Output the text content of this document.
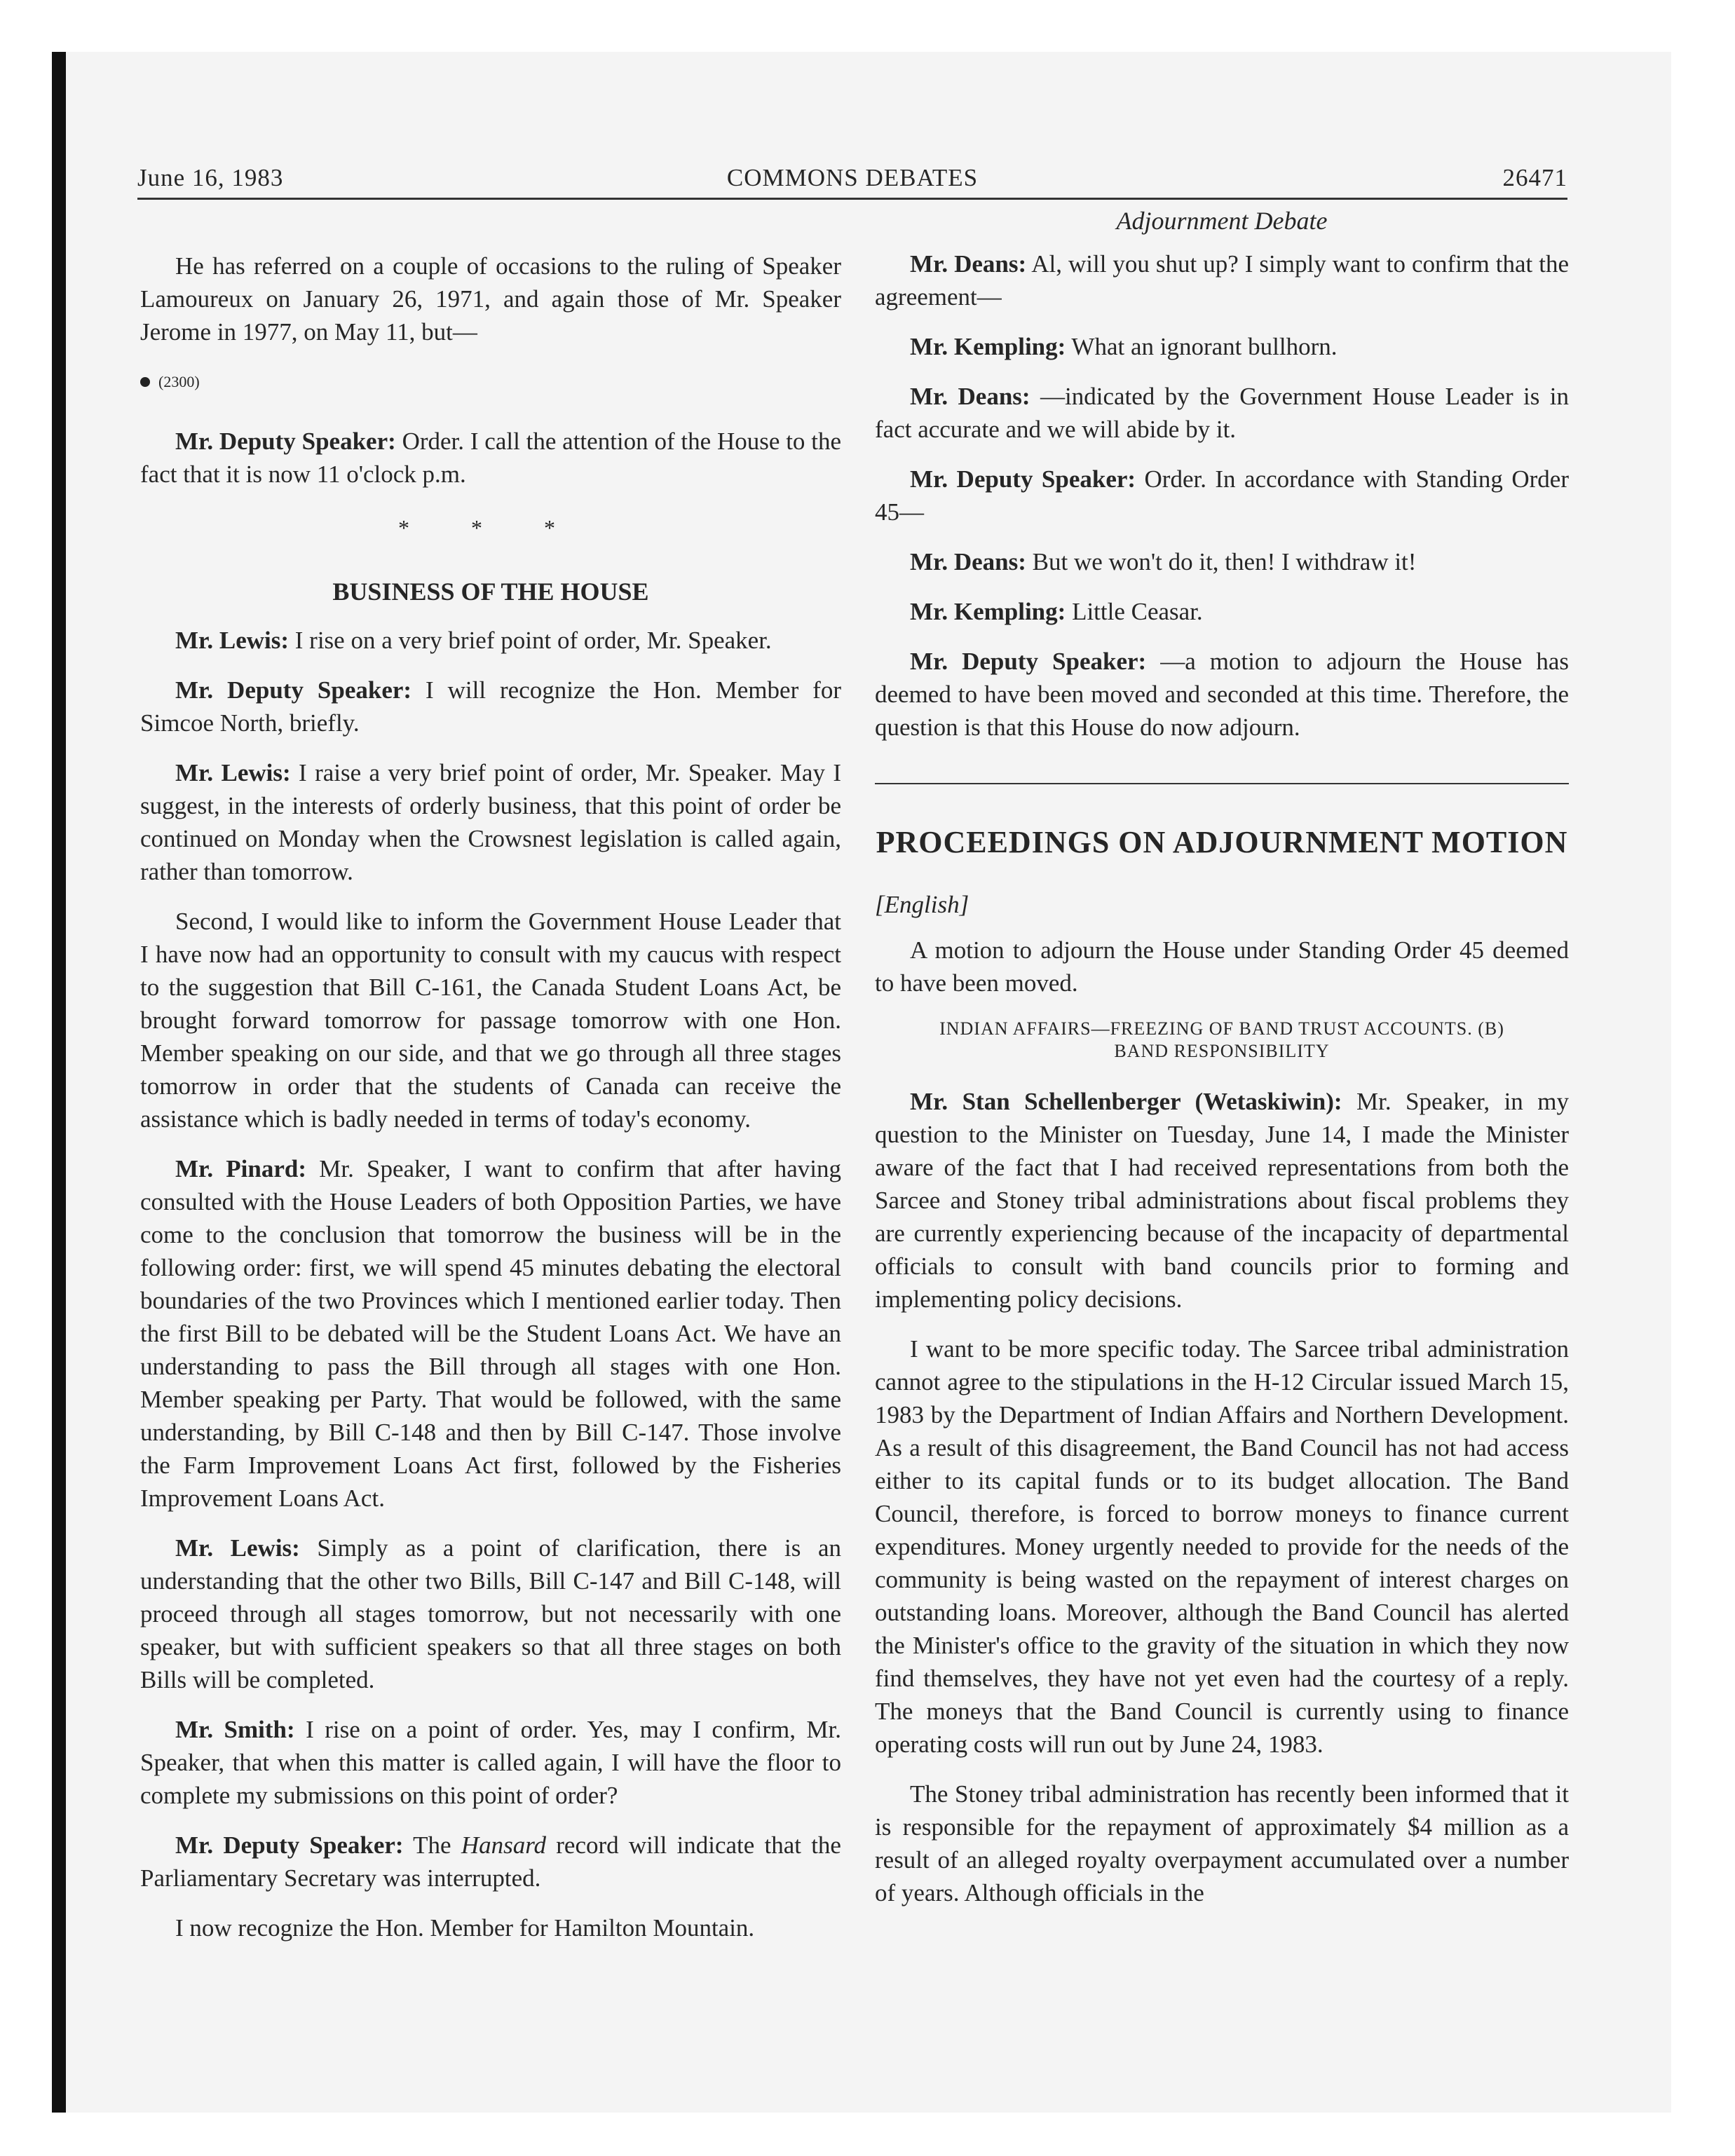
June 16, 1983	COMMONS DEBATES	26471

He has referred on a couple of occasions to the ruling of Speaker Lamoureux on January 26, 1971, and again those of Mr. Speaker Jerome in 1977, on May 11, but—

(2300)

Mr. Deputy Speaker: Order. I call the attention of the House to the fact that it is now 11 o'clock p.m.

* * *
BUSINESS OF THE HOUSE

Mr. Lewis: I rise on a very brief point of order, Mr. Speaker.

Mr. Deputy Speaker: I will recognize the Hon. Member for Simcoe North, briefly.

Mr. Lewis: I raise a very brief point of order, Mr. Speaker. May I suggest, in the interests of orderly business, that this point of order be continued on Monday when the Crowsnest legislation is called again, rather than tomorrow.

Second, I would like to inform the Government House Leader that I have now had an opportunity to consult with my caucus with respect to the suggestion that Bill C-161, the Canada Student Loans Act, be brought forward tomorrow for passage tomorrow with one Hon. Member speaking on our side, and that we go through all three stages tomorrow in order that the students of Canada can receive the assistance which is badly needed in terms of today's economy.

Mr. Pinard: Mr. Speaker, I want to confirm that after having consulted with the House Leaders of both Opposition Parties, we have come to the conclusion that tomorrow the business will be in the following order: first, we will spend 45 minutes debating the electoral boundaries of the two Provinces which I mentioned earlier today. Then the first Bill to be debated will be the Student Loans Act. We have an understanding to pass the Bill through all stages with one Hon. Member speaking per Party. That would be followed, with the same understanding, by Bill C-148 and then by Bill C-147. Those involve the Farm Improvement Loans Act first, followed by the Fisheries Improvement Loans Act.

Mr. Lewis: Simply as a point of clarification, there is an understanding that the other two Bills, Bill C-147 and Bill C-148, will proceed through all stages tomorrow, but not necessarily with one speaker, but with sufficient speakers so that all three stages on both Bills will be completed.

Mr. Smith: I rise on a point of order. Yes, may I confirm, Mr. Speaker, that when this matter is called again, I will have the floor to complete my submissions on this point of order?

Mr. Deputy Speaker: The Hansard record will indicate that the Parliamentary Secretary was interrupted.

I now recognize the Hon. Member for Hamilton Mountain.

Adjournment Debate

Mr. Deans: Al, will you shut up? I simply want to confirm that the agreement—

Mr. Kempling: What an ignorant bullhorn.

Mr. Deans: —indicated by the Government House Leader is in fact accurate and we will abide by it.

Mr. Deputy Speaker: Order. In accordance with Standing Order 45—

Mr. Deans: But we won't do it, then! I withdraw it!

Mr. Kempling: Little Ceasar.

Mr. Deputy Speaker: —a motion to adjourn the House has deemed to have been moved and seconded at this time. Therefore, the question is that this House do now adjourn.

PROCEEDINGS ON ADJOURNMENT MOTION

[English]

A motion to adjourn the House under Standing Order 45 deemed to have been moved.

INDIAN AFFAIRS—FREEZING OF BAND TRUST ACCOUNTS. (B)
BAND RESPONSIBILITY

Mr. Stan Schellenberger (Wetaskiwin): Mr. Speaker, in my question to the Minister on Tuesday, June 14, I made the Minister aware of the fact that I had received representations from both the Sarcee and Stoney tribal administrations about fiscal problems they are currently experiencing because of the incapacity of departmental officials to consult with band councils prior to forming and implementing policy decisions.

I want to be more specific today. The Sarcee tribal administration cannot agree to the stipulations in the H-12 Circular issued March 15, 1983 by the Department of Indian Affairs and Northern Development. As a result of this disagreement, the Band Council has not had access either to its capital funds or to its budget allocation. The Band Council, therefore, is forced to borrow moneys to finance current expenditures. Money urgently needed to provide for the needs of the community is being wasted on the repayment of interest charges on outstanding loans. Moreover, although the Band Council has alerted the Minister's office to the gravity of the situation in which they now find themselves, they have not yet even had the courtesy of a reply. The moneys that the Band Council is currently using to finance operating costs will run out by June 24, 1983.

The Stoney tribal administration has recently been informed that it is responsible for the repayment of approximately $4 million as a result of an alleged royalty overpayment accumulated over a number of years. Although officials in the
